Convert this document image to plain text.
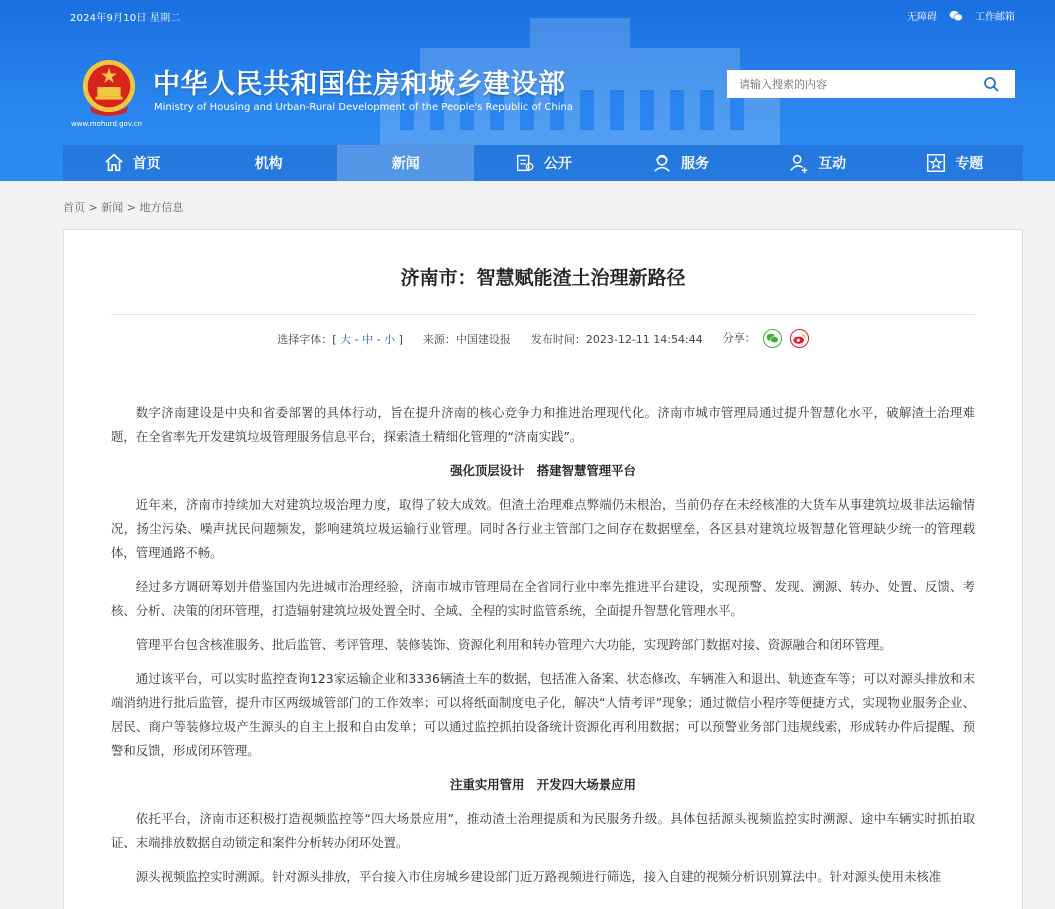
2024年9月10日 星期二	无障碍	工作邮箱
www.mohurd.gov.cn
中华人民共和国住房和城乡建设部
Ministry of Housing and Urban-Rural Development of the People's Republic of China
请输入搜索的内容
首页	机构	新闻	公开	服务	互动	专题
首页 > 新闻 > 地方信息
济南市：智慧赋能渣土治理新路径
选择字体：[ 大 - 中 - 小 ] 来源：中国建设报 发布时间：2023-12-11 14:54:44 分享：

数字济南建设是中央和省委部署的具体行动，旨在提升济南的核心竞争力和推进治理现代化。济南市城市管理局通过提升智慧化水平，破解渣土治理难题，在全省率先开发建筑垃圾管理服务信息平台，探索渣土精细化管理的“济南实践”。

强化顶层设计　搭建智慧管理平台

近年来，济南市持续加大对建筑垃圾治理力度，取得了较大成效。但渣土治理难点弊端仍未根治，当前仍存在未经核准的大货车从事建筑垃圾非法运输情况，扬尘污染、噪声扰民问题频发，影响建筑垃圾运输行业管理。同时各行业主管部门之间存在数据壁垒，各区县对建筑垃圾智慧化管理缺少统一的管理载体，管理通路不畅。

经过多方调研筹划并借鉴国内先进城市治理经验，济南市城市管理局在全省同行业中率先推进平台建设，实现预警、发现、溯源、转办、处置、反馈、考核、分析、决策的闭环管理，打造辐射建筑垃圾处置全时、全域、全程的实时监管系统，全面提升智慧化管理水平。

管理平台包含核准服务、批后监管、考评管理、装修装饰、资源化利用和转办管理六大功能，实现跨部门数据对接、资源融合和闭环管理。

通过该平台，可以实时监控查询123家运输企业和3336辆渣土车的数据，包括准入备案、状态修改、车辆准入和退出、轨迹查车等；可以对源头排放和末端消纳进行批后监管，提升市区两级城管部门的工作效率；可以将纸面制度电子化，解决“人情考评”现象；通过微信小程序等便捷方式，实现物业服务企业、居民、商户等装修垃圾产生源头的自主上报和自由发单；可以通过监控抓拍设备统计资源化再利用数据；可以预警业务部门违规线索，形成转办件后提醒、预警和反馈，形成闭环管理。

注重实用管用　开发四大场景应用

依托平台，济南市还积极打造视频监控等“四大场景应用”，推动渣土治理提质和为民服务升级。具体包括源头视频监控实时溯源、途中车辆实时抓拍取证、末端排放数据自动锁定和案件分析转办闭环处置。

源头视频监控实时溯源。针对源头排放，平台接入市住房城乡建设部门近万路视频进行筛选，接入自建的视频分析识别算法中。针对源头使用未核准
